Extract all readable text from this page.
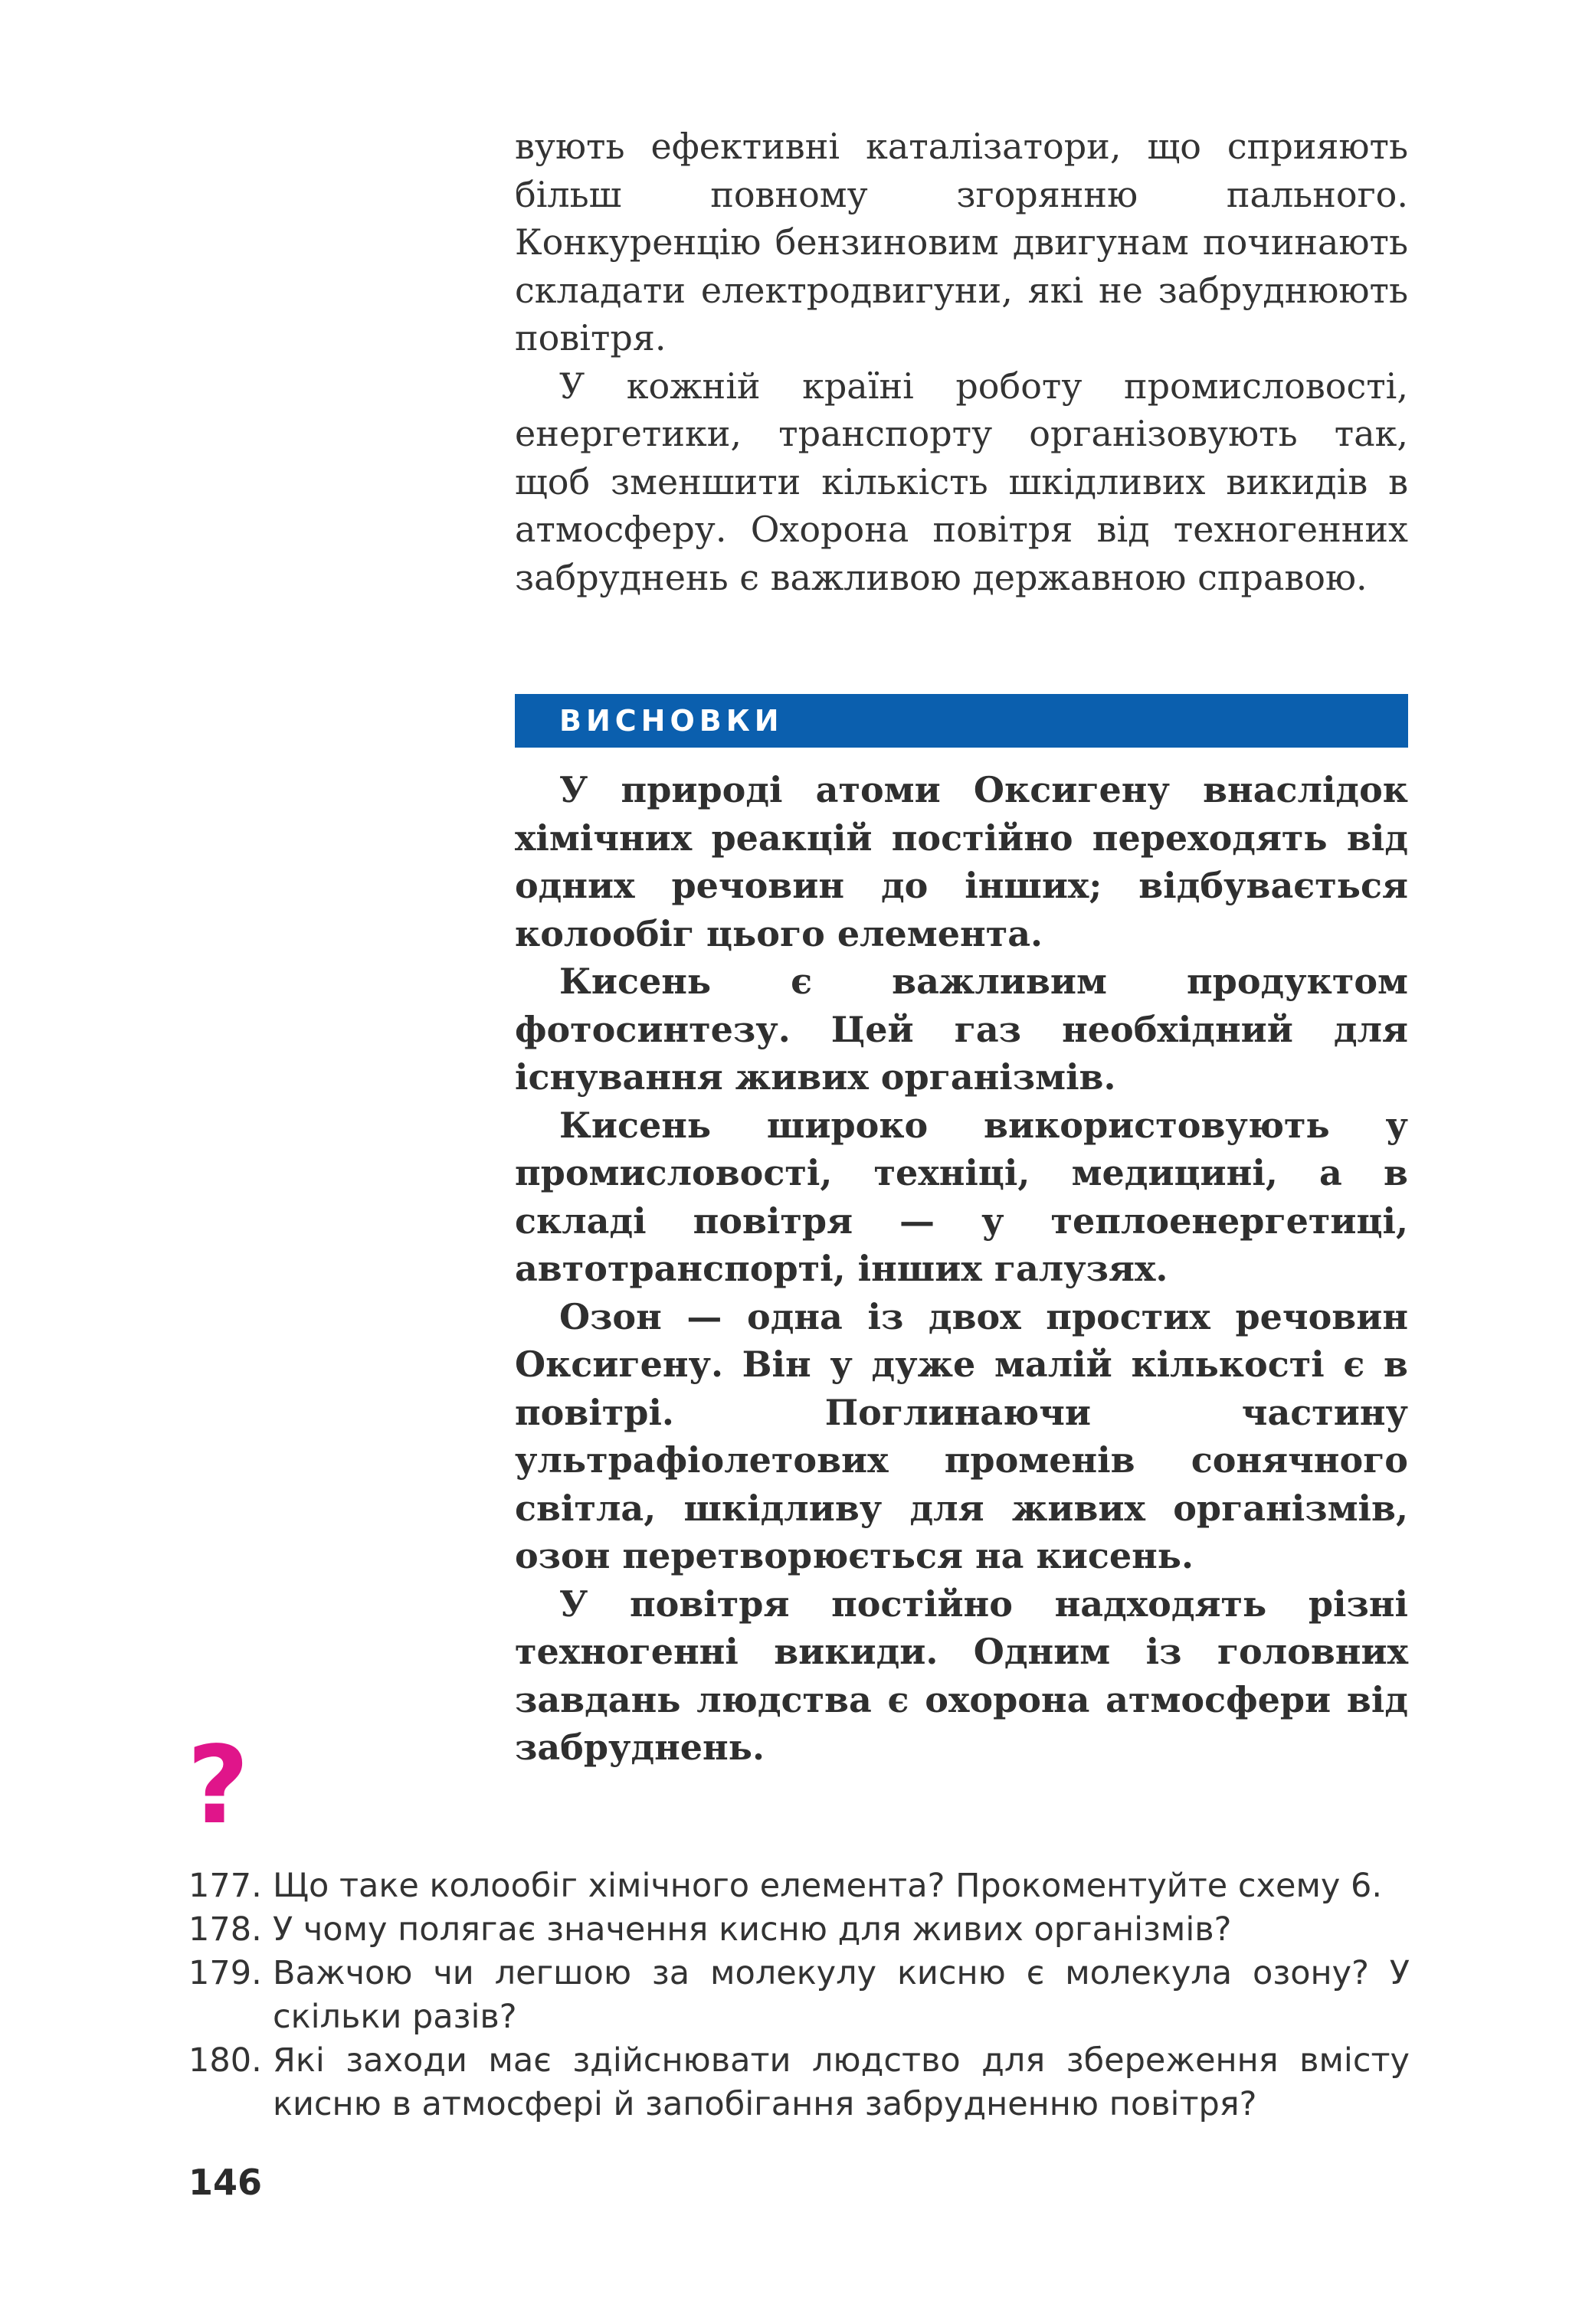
вують ефективні каталізатори, що сприяють більш повному згорянню пального. Конкуренцію бензиновим двигунам починають складати електродвигуни, які не забруднюють повітря.

У кожній країні роботу промисловості, енергетики, транспорту організовують так, щоб зменшити кількість шкідливих викидів в атмосферу. Охорона повітря від техногенних забруднень є важливою державною справою.

ВИСНОВКИ

У природі атоми Оксигену внаслідок хімічних реакцій постійно переходять від одних речовин до інших; відбувається колообіг цього елемента.

Кисень є важливим продуктом фотосинтезу. Цей газ необхідний для існування живих організмів.

Кисень широко використовують у промисловості, техніці, медицині, а в складі повітря — у теплоенергетиці, автотранспорті, інших галузях.

Озон — одна із двох простих речовин Оксигену. Він у дуже малій кількості є в повітрі. Поглинаючи частину ультрафіолетових променів сонячного світла, шкідливу для живих організмів, озон перетворюється на кисень.

У повітря постійно надходять різні техногенні викиди. Одним із головних завдань людства є охорона атмосфери від забруднень.

?
177. Що таке колообіг хімічного елемента? Прокоментуйте схему 6.
178. У чому полягає значення кисню для живих організмів?
179. Важчою чи легшою за молекулу кисню є молекула озону? У скільки разів?
180. Які заходи має здійснювати людство для збереження вмісту кисню в атмосфері й запобігання забрудненню повітря?
146
